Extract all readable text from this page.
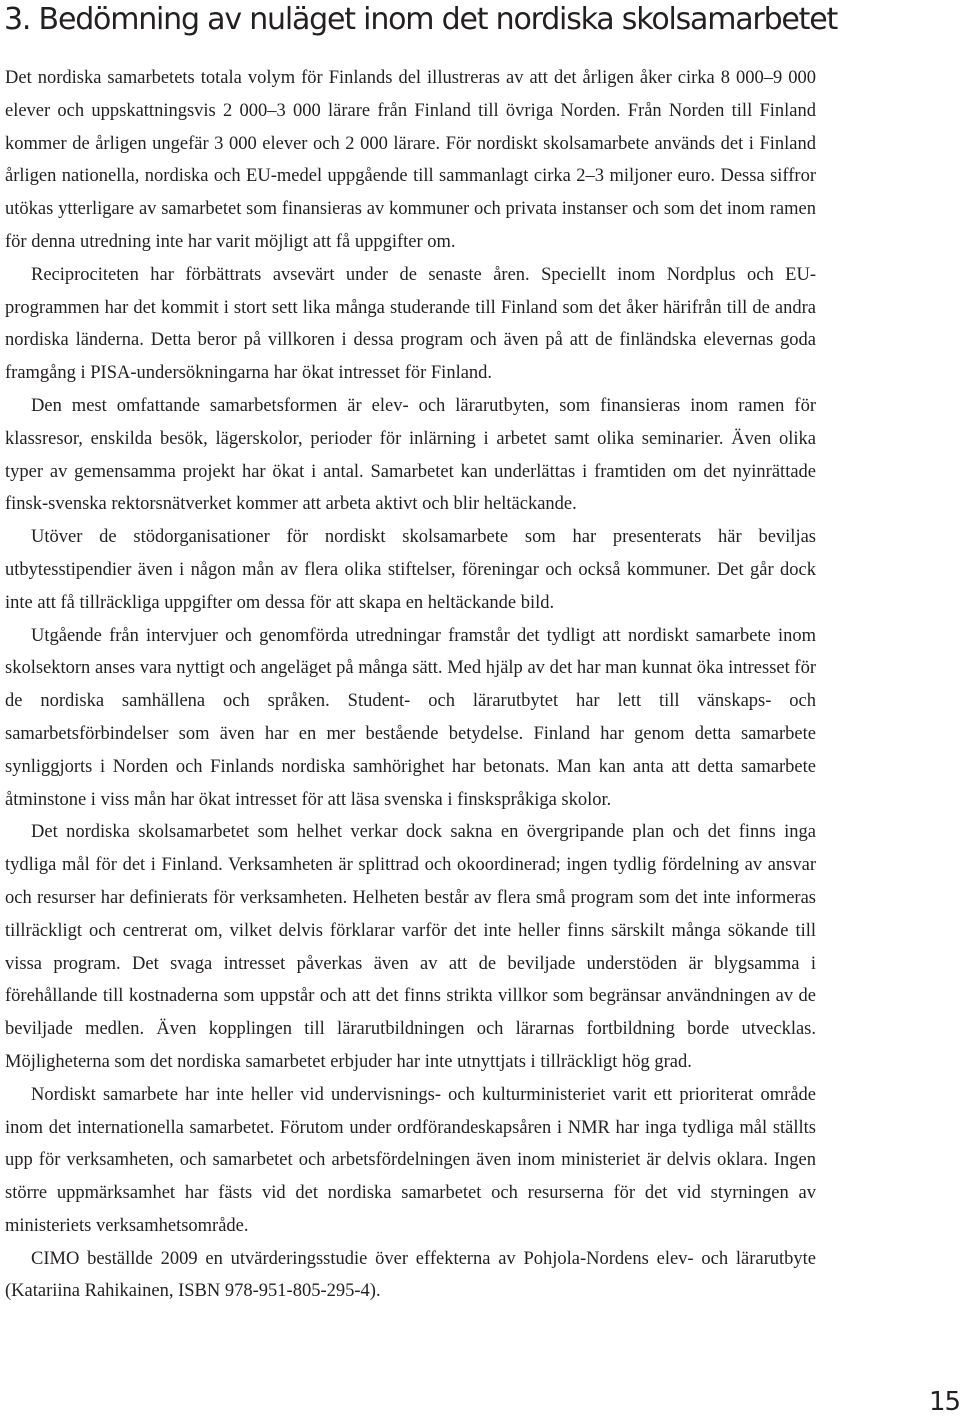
3. Bedömning av nuläget inom det nordiska skolsamarbetet

Det nordiska samarbetets totala volym för Finlands del illustreras av att det årligen åker cirka 8 000–9 000 elever och uppskattningsvis 2 000–3 000 lärare från Finland till övriga Norden. Från Norden till Finland kommer de årligen ungefär 3 000 elever och 2 000 lärare. För nordiskt skolsamarbete används det i Finland årligen nationella, nordiska och EU-medel uppgående till sammanlagt cirka 2–3 miljoner euro. Dessa siffror utökas ytterligare av samarbetet som finansieras av kommuner och privata instanser och som det inom ramen för denna utredning inte har varit möjligt att få uppgifter om.

Reciprociteten har förbättrats avsevärt under de senaste åren. Speciellt inom Nordplus och EU-programmen har det kommit i stort sett lika många studerande till Finland som det åker härifrån till de andra nordiska länderna. Detta beror på villkoren i dessa program och även på att de finländska elevernas goda framgång i PISA-undersökningarna har ökat intresset för Finland.

Den mest omfattande samarbetsformen är elev- och lärarutbyten, som finansieras inom ramen för klassresor, enskilda besök, lägerskolor, perioder för inlärning i arbetet samt olika seminarier. Även olika typer av gemensamma projekt har ökat i antal. Samarbetet kan underlättas i framtiden om det nyinrättade finsk-svenska rektorsnätverket kommer att arbeta aktivt och blir heltäckande.

Utöver de stödorganisationer för nordiskt skolsamarbete som har presenterats här beviljas utbytesstipendier även i någon mån av flera olika stiftelser, föreningar och också kommuner. Det går dock inte att få tillräckliga uppgifter om dessa för att skapa en heltäckande bild.

Utgående från intervjuer och genomförda utredningar framstår det tydligt att nordiskt samarbete inom skolsektorn anses vara nyttigt och angeläget på många sätt. Med hjälp av det har man kunnat öka intresset för de nordiska samhällena och språken. Student- och lärarutbytet har lett till vänskaps- och samarbetsförbindelser som även har en mer bestående betydelse. Finland har genom detta samarbete synliggjorts i Norden och Finlands nordiska samhörighet har betonats. Man kan anta att detta samarbete åtminstone i viss mån har ökat intresset för att läsa svenska i finskspråkiga skolor.

Det nordiska skolsamarbetet som helhet verkar dock sakna en övergripande plan och det finns inga tydliga mål för det i Finland. Verksamheten är splittrad och okoordinerad; ingen tydlig fördelning av ansvar och resurser har definierats för verksamheten. Helheten består av flera små program som det inte informeras tillräckligt och centrerat om, vilket delvis förklarar varför det inte heller finns särskilt många sökande till vissa program. Det svaga intresset påverkas även av att de beviljade understöden är blygsamma i förehållande till kostnaderna som uppstår och att det finns strikta villkor som begränsar användningen av de beviljade medlen. Även kopplingen till lärarutbildningen och lärarnas fortbildning borde utvecklas. Möjligheterna som det nordiska samarbetet erbjuder har inte utnyttjats i tillräckligt hög grad.

Nordiskt samarbete har inte heller vid undervisnings- och kulturministeriet varit ett prioriterat område inom det internationella samarbetet. Förutom under ordförandeskapsåren i NMR har inga tydliga mål ställts upp för verksamheten, och samarbetet och arbetsfördelningen även inom ministeriet är delvis oklara. Ingen större uppmärksamhet har fästs vid det nordiska samarbetet och resurserna för det vid styrningen av ministeriets verksamhetsområde.

CIMO beställde 2009 en utvärderingsstudie över effekterna av Pohjola-Nordens elev- och lärarutbyte (Katariina Rahikainen, ISBN 978-951-805-295-4).

15
